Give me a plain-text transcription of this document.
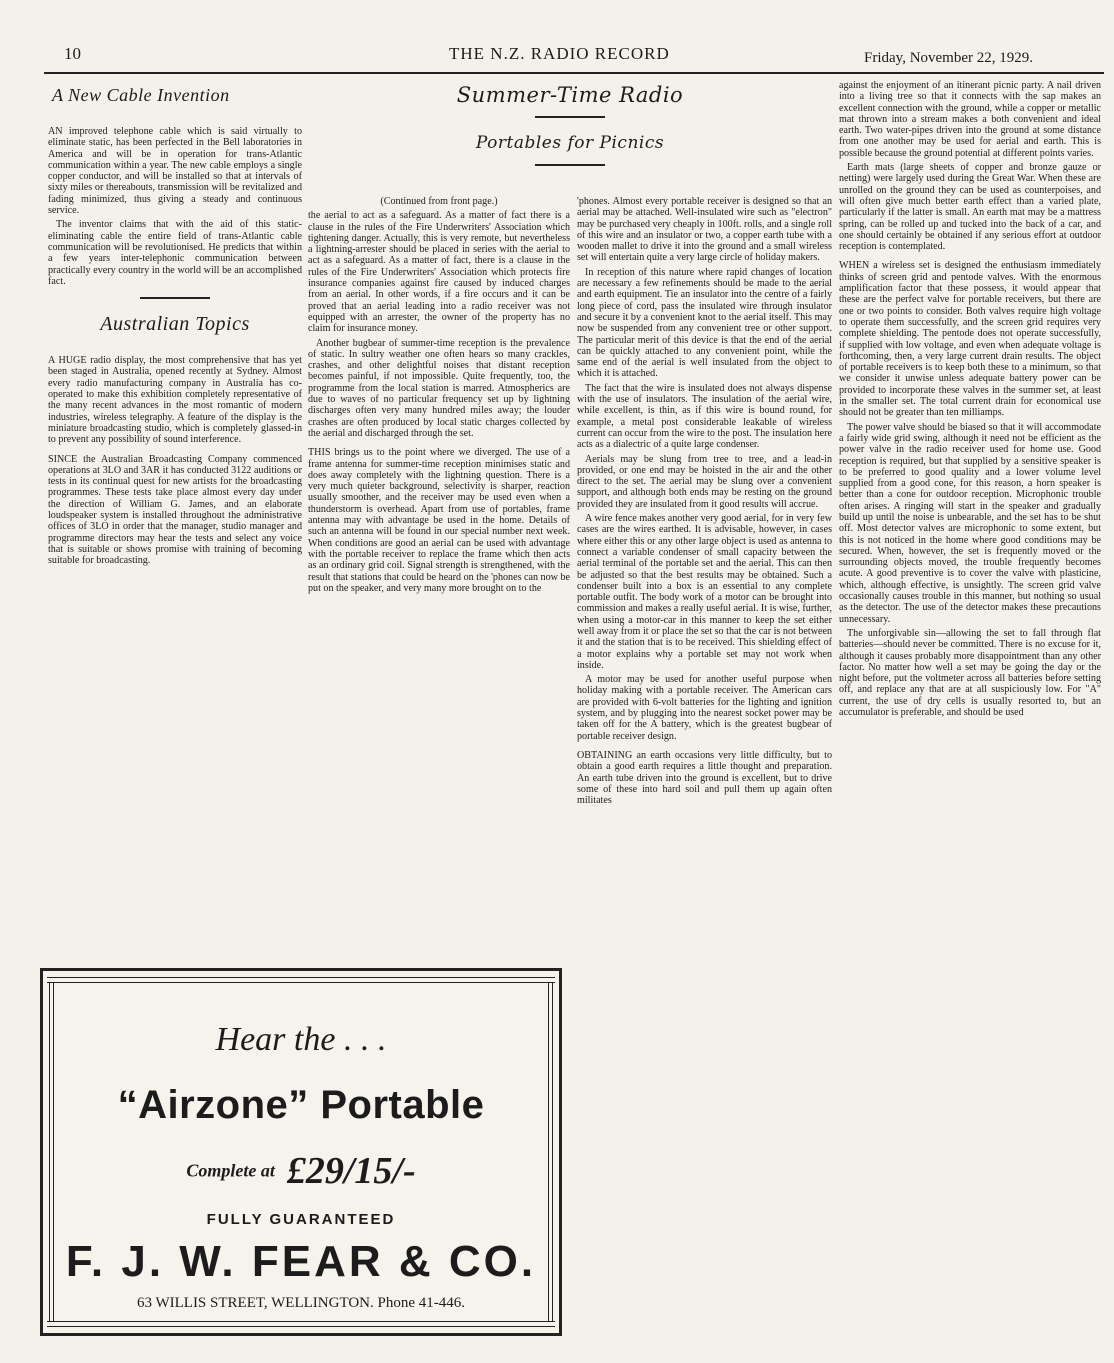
10	THE N.Z. RADIO RECORD	Friday, November 22, 1929.
A New Cable Invention

AN improved telephone cable which is said virtually to eliminate static, has been perfected in the Bell laboratories in America and will be in operation for trans-Atlantic communication within a year. The new cable employs a single copper conductor, and will be installed so that at intervals of sixty miles or thereabouts, transmission will be revitalized and fading minimized, thus giving a steady and continuous service.

The inventor claims that with the aid of this static-eliminating cable the entire field of trans-Atlantic cable communication will be revolutionised. He predicts that within a few years inter-telephonic communication between practically every country in the world will be an accomplished fact.

Australian Topics

A HUGE radio display, the most comprehensive that has yet been staged in Australia, opened recently at Sydney. Almost every radio manufacturing company in Australia has co-operated to make this exhibition completely representative of the many recent advances in the most romantic of modern industries, wireless telegraphy. A feature of the display is the miniature broadcasting studio, which is completely glassed-in to prevent any possibility of sound interference.

SINCE the Australian Broadcasting Company commenced operations at 3LO and 3AR it has conducted 3122 auditions or tests in its continual quest for new artists for the broadcasting programmes. These tests take place almost every day under the direction of William G. James, and an elaborate loudspeaker system is installed throughout the administrative offices of 3LO in order that the manager, studio manager and programme directors may hear the tests and select any voice that is suitable or shows promise with training of becoming suitable for broadcasting.

Summer-Time Radio
Portables for Picnics

(Continued from front page.)

the aerial to act as a safeguard. As a matter of fact there is a clause in the rules of the Fire Underwriters' Association which tightening danger. Actually, this is very remote, but nevertheless a lightning-arrester should be placed in series with the aerial to act as a safeguard. As a matter of fact, there is a clause in the rules of the Fire Underwriters' Association which protects fire insurance companies against fire caused by induced charges from an aerial. In other words, if a fire occurs and it can be proved that an aerial leading into a radio receiver was not equipped with an arrester, the owner of the property has no claim for insurance money.

Another bugbear of summer-time reception is the prevalence of static. In sultry weather one often hears so many crackles, crashes, and other delightful noises that distant reception becomes painful, if not impossible. Quite frequently, too, the programme from the local station is marred. Atmospherics are due to waves of no particular frequency set up by lightning discharges often very many hundred miles away; the louder crashes are often produced by local static charges collected by the aerial and discharged through the set.

THIS brings us to the point where we diverged. The use of a frame antenna for summer-time reception minimises static and does away completely with the lightning question. There is a very much quieter background, selectivity is sharper, reaction usually smoother, and the receiver may be used even when a thunderstorm is overhead. Apart from use of portables, frame antenna may with advantage be used in the home. Details of such an antenna will be found in our special number next week. When conditions are good an aerial can be used with advantage with the portable receiver to replace the frame which then acts as an ordinary grid coil. Signal strength is strengthened, with the result that stations that could be heard on the 'phones can now be put on the speaker, and very many more brought on to the

'phones. Almost every portable receiver is designed so that an aerial may be attached. Well-insulated wire such as "electron" may be purchased very cheaply in 100ft. rolls, and a single roll of this wire and an insulator or two, a copper earth tube with a wooden mallet to drive it into the ground and a small wireless set will entertain quite a very large circle of holiday makers.

In reception of this nature where rapid changes of location are necessary a few refinements should be made to the aerial and earth equipment. Tie an insulator into the centre of a fairly long piece of cord, pass the insulated wire through insulator and secure it by a convenient knot to the aerial itself. This may now be suspended from any convenient tree or other support. The particular merit of this device is that the end of the aerial can be quickly attached to any convenient point, while the same end of the aerial is well insulated from the object to which it is attached.

The fact that the wire is insulated does not always dispense with the use of insulators. The insulation of the aerial wire, while excellent, is thin, as if this wire is bound round, for example, a metal post considerable leakable of wireless current can occur from the wire to the post. The insulation here acts as a dialectric of a quite large condenser.

Aerials may be slung from tree to tree, and a lead-in provided, or one end may be hoisted in the air and the other direct to the set. The aerial may be slung over a convenient support, and although both ends may be resting on the ground provided they are insulated from it good results will accrue.

A wire fence makes another very good aerial, for in very few cases are the wires earthed. It is advisable, however, in cases where either this or any other large object is used as antenna to connect a variable condenser of small capacity between the aerial terminal of the portable set and the aerial. This can then be adjusted so that the best results may be obtained. Such a condenser built into a box is an essential to any complete portable outfit. The body work of a motor can be brought into commission and makes a really useful aerial. It is wise, further, when using a motor-car in this manner to keep the set either well away from it or place the set so that the car is not between it and the station that is to be received. This shielding effect of a motor explains why a portable set may not work when inside.

A motor may be used for another useful purpose when holiday making with a portable receiver. The American cars are provided with 6-volt batteries for the lighting and ignition system, and by plugging into the nearest socket power may be taken off for the A battery, which is the greatest bugbear of portable receiver design.

OBTAINING an earth occasions very little difficulty, but to obtain a good earth requires a little thought and preparation. An earth tube driven into the ground is excellent, but to drive some of these into hard soil and pull them up again often militates

against the enjoyment of an itinerant picnic party. A nail driven into a living tree so that it connects with the sap makes an excellent connection with the ground, while a copper or metallic mat thrown into a stream makes a both convenient and ideal earth. Two water-pipes driven into the ground at some distance from one another may be used for aerial and earth. This is possible because the ground potential at different points varies.

Earth mats (large sheets of copper and bronze gauze or netting) were largely used during the Great War. When these are unrolled on the ground they can be used as counterpoises, and will often give much better earth effect than a varied plate, particularly if the latter is small. An earth mat may be a mattress spring, can be rolled up and tucked into the back of a car, and one should certainly be obtained if any serious effort at outdoor reception is contemplated.

WHEN a wireless set is designed the enthusiasm immediately thinks of screen grid and pentode valves. With the enormous amplification factor that these possess, it would appear that these are the perfect valve for portable receivers, but there are one or two points to consider. Both valves require high voltage to operate them successfully, and the screen grid requires very complete shielding. The pentode does not operate successfully, if supplied with low voltage, and even when adequate voltage is forthcoming, then, a very large current drain results. The object of portable receivers is to keep both these to a minimum, so that we consider it unwise unless adequate battery power can be provided to incorporate these valves in the summer set, at least in the smaller set. The total current drain for economical use should not be greater than ten milliamps.

The power valve should be biased so that it will accommodate a fairly wide grid swing, although it need not be efficient as the power valve in the radio receiver used for home use. Good reception is required, but that supplied by a sensitive speaker is to be preferred to good quality and a lower volume level supplied from a good cone, for this reason, a horn speaker is better than a cone for outdoor reception. Microphonic trouble often arises. A ringing will start in the speaker and gradually build up until the noise is unbearable, and the set has to be shut off. Most detector valves are microphonic to some extent, but this is not noticed in the home where good conditions may be secured. When, however, the set is frequently moved or the surrounding objects moved, the trouble frequently becomes acute. A good preventive is to cover the valve with plasticine, which, although effective, is unsightly. The screen grid valve occasionally causes trouble in this manner, but nothing so usual as the detector. The use of the detector makes these precautions unnecessary.

The unforgivable sin—allowing the set to fall through flat batteries—should never be committed. There is no excuse for it, although it causes probably more disappointment than any other factor. No matter how well a set may be going the day or the night before, put the voltmeter across all batteries before setting off, and replace any that are at all suspiciously low. For "A" current, the use of dry cells is usually resorted to, but an accumulator is preferable, and should be used

Hear the . . .
“Airzone” Portable
Complete at £29/15/-
FULLY GUARANTEED
F. J. W. FEAR & CO.
63 WILLIS STREET, WELLINGTON. Phone 41-446.
